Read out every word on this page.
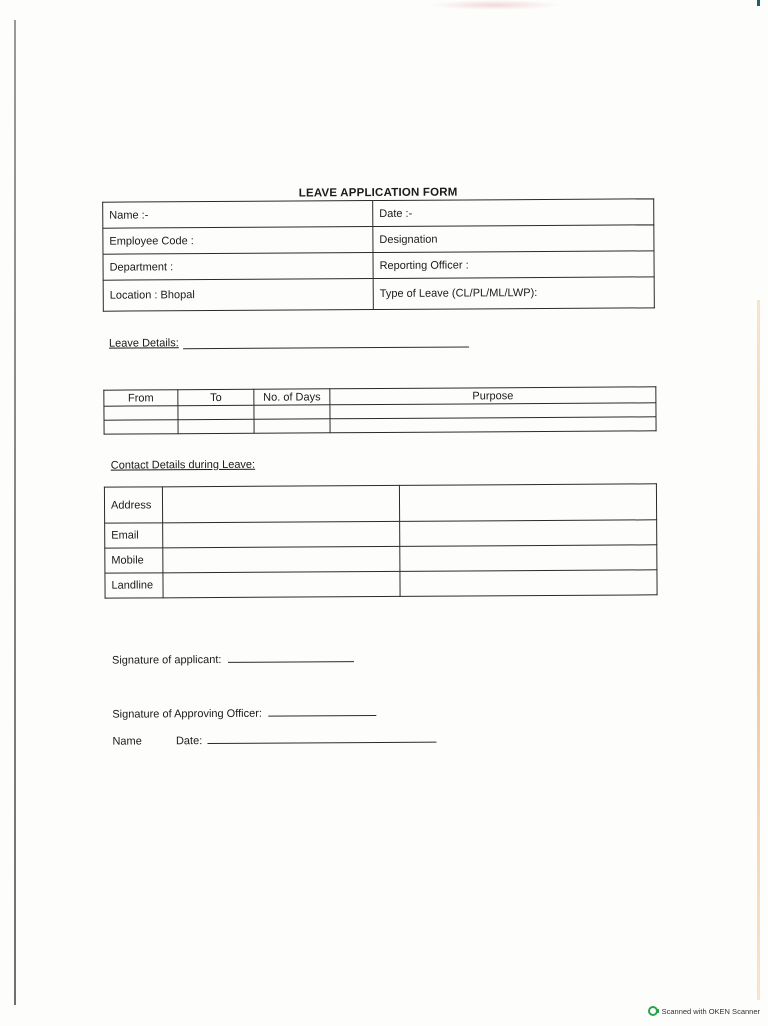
LEAVE APPLICATION FORM
Name :-	Date :-
Employee Code :	Designation
Department :	Reporting Officer :
Location : Bhopal	Type of Leave (CL/PL/ML/LWP):
Leave Details:
From	To	No. of Days	Purpose

Contact Details during Leave:
Address		
Email		
Mobile		
Landline		
Signature of applicant:
Signature of Approving Officer:
Name	Date:
Scanned with OKEN Scanner
